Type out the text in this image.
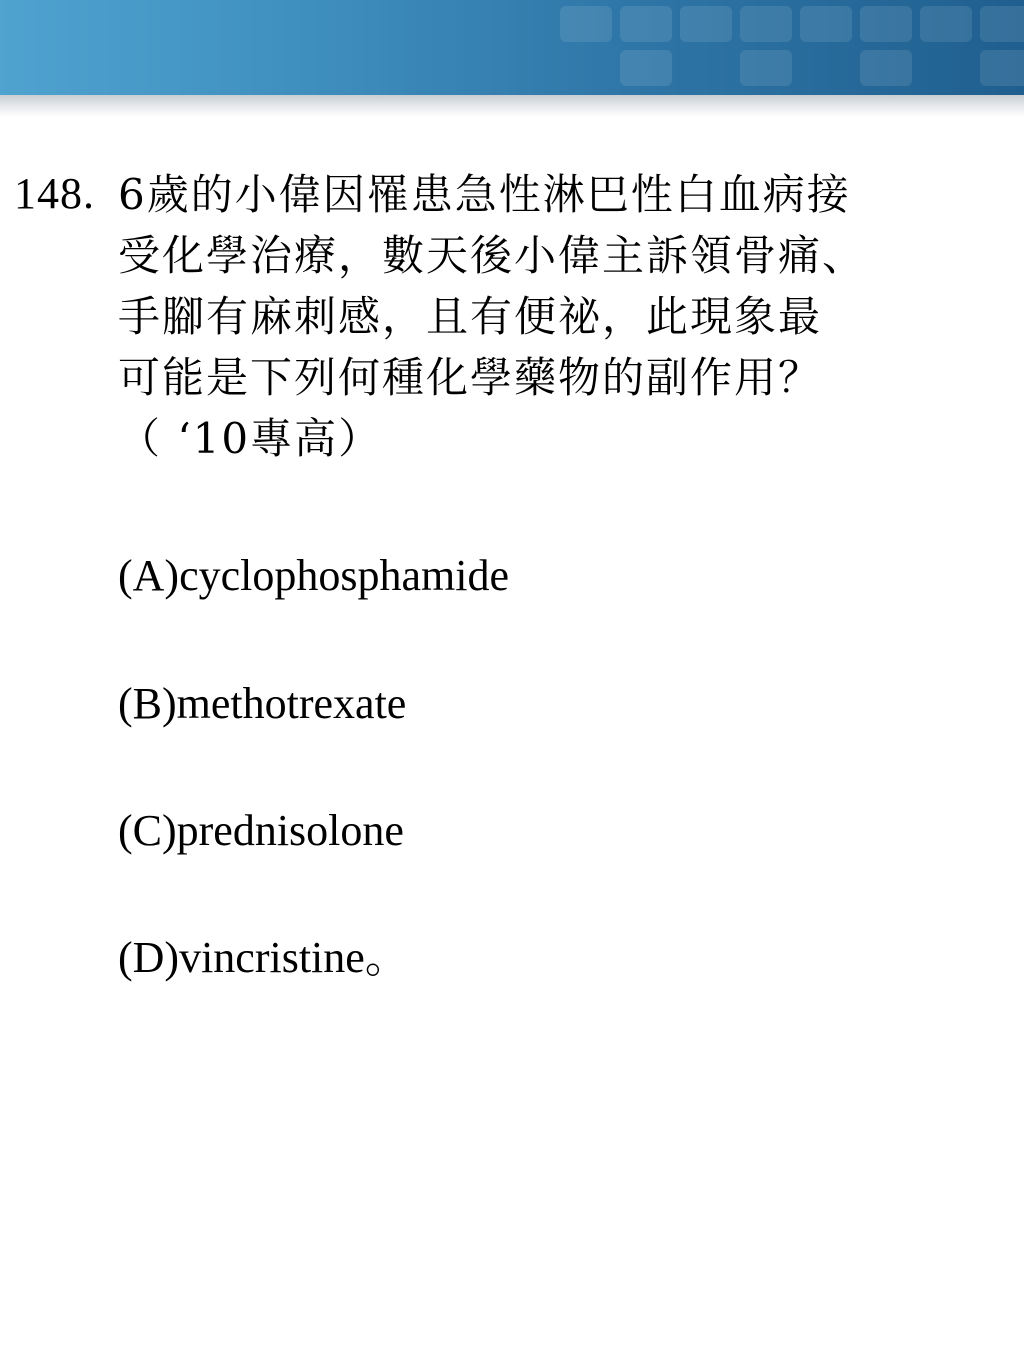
148. 6歲的小偉因罹患急性淋巴性白血病接
受化學治療，數天後小偉主訴領骨痛、
手腳有麻刺感，且有便祕，此現象最
可能是下列何種化學藥物的副作用？
（ ‘10專高）
(A)cyclophosphamide
(B)methotrexate
(C)prednisolone
(D)vincristine。
